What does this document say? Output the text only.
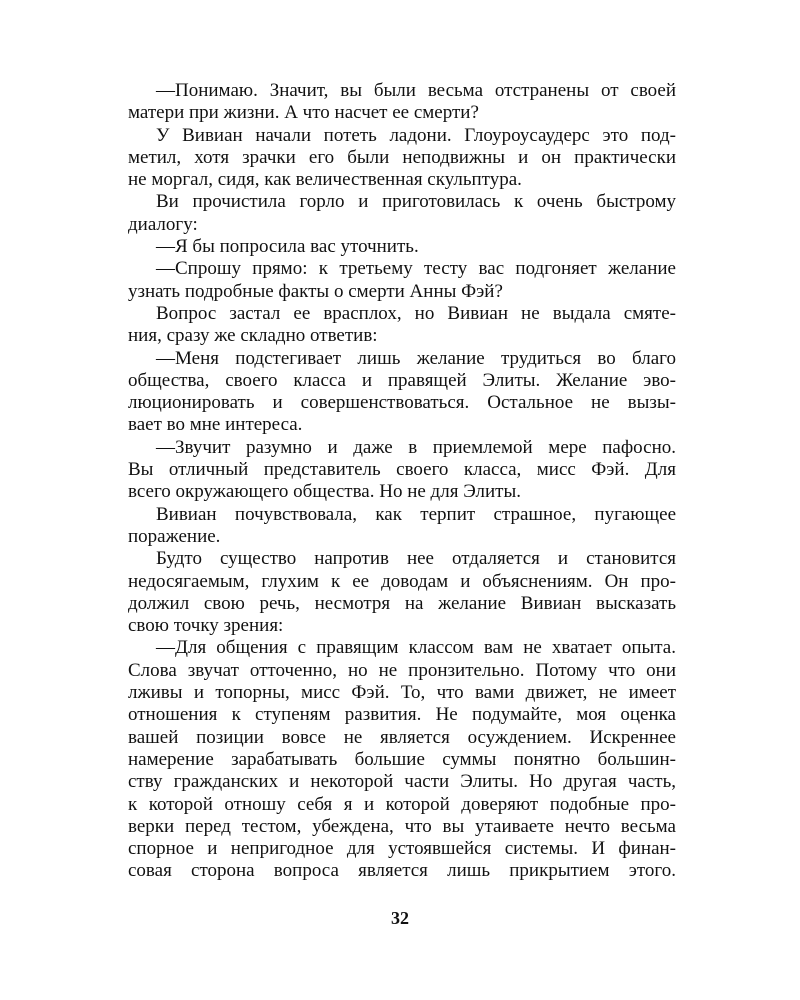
—Понимаю. Значит, вы были весьма отстранены от своей
матери при жизни. А что насчет ее смерти?
У Вивиан начали потеть ладони. Глоуроусаудерс это под-
метил, хотя зрачки его были неподвижны и он практически
не моргал, сидя, как величественная скульптура.
Ви прочистила горло и приготовилась к очень быстрому
диалогу:
—Я бы попросила вас уточнить.
—Спрошу прямо: к третьему тесту вас подгоняет желание
узнать подробные факты о смерти Анны Фэй?
Вопрос застал ее врасплох, но Вивиан не выдала смяте-
ния, сразу же складно ответив:
—Меня подстегивает лишь желание трудиться во благо
общества, своего класса и правящей Элиты. Желание эво-
люционировать и совершенствоваться. Остальное не вызы-
вает во мне интереса.
—Звучит разумно и даже в приемлемой мере пафосно.
Вы отличный представитель своего класса, мисс Фэй. Для
всего окружающего общества. Но не для Элиты.
Вивиан почувствовала, как терпит страшное, пугающее
поражение.
Будто существо напротив нее отдаляется и становится
недосягаемым, глухим к ее доводам и объяснениям. Он про-
должил свою речь, несмотря на желание Вивиан высказать
свою точку зрения:
—Для общения с правящим классом вам не хватает опыта.
Слова звучат отточенно, но не пронзительно. Потому что они
лживы и топорны, мисс Фэй. То, что вами движет, не имеет
отношения к ступеням развития. Не подумайте, моя оценка
вашей позиции вовсе не является осуждением. Искреннее
намерение зарабатывать большие суммы понятно большин-
ству гражданских и некоторой части Элиты. Но другая часть,
к которой отношу себя я и которой доверяют подобные про-
верки перед тестом, убеждена, что вы утаиваете нечто весьма
спорное и непригодное для устоявшейся системы. И финан-
совая сторона вопроса является лишь прикрытием этого.
32
